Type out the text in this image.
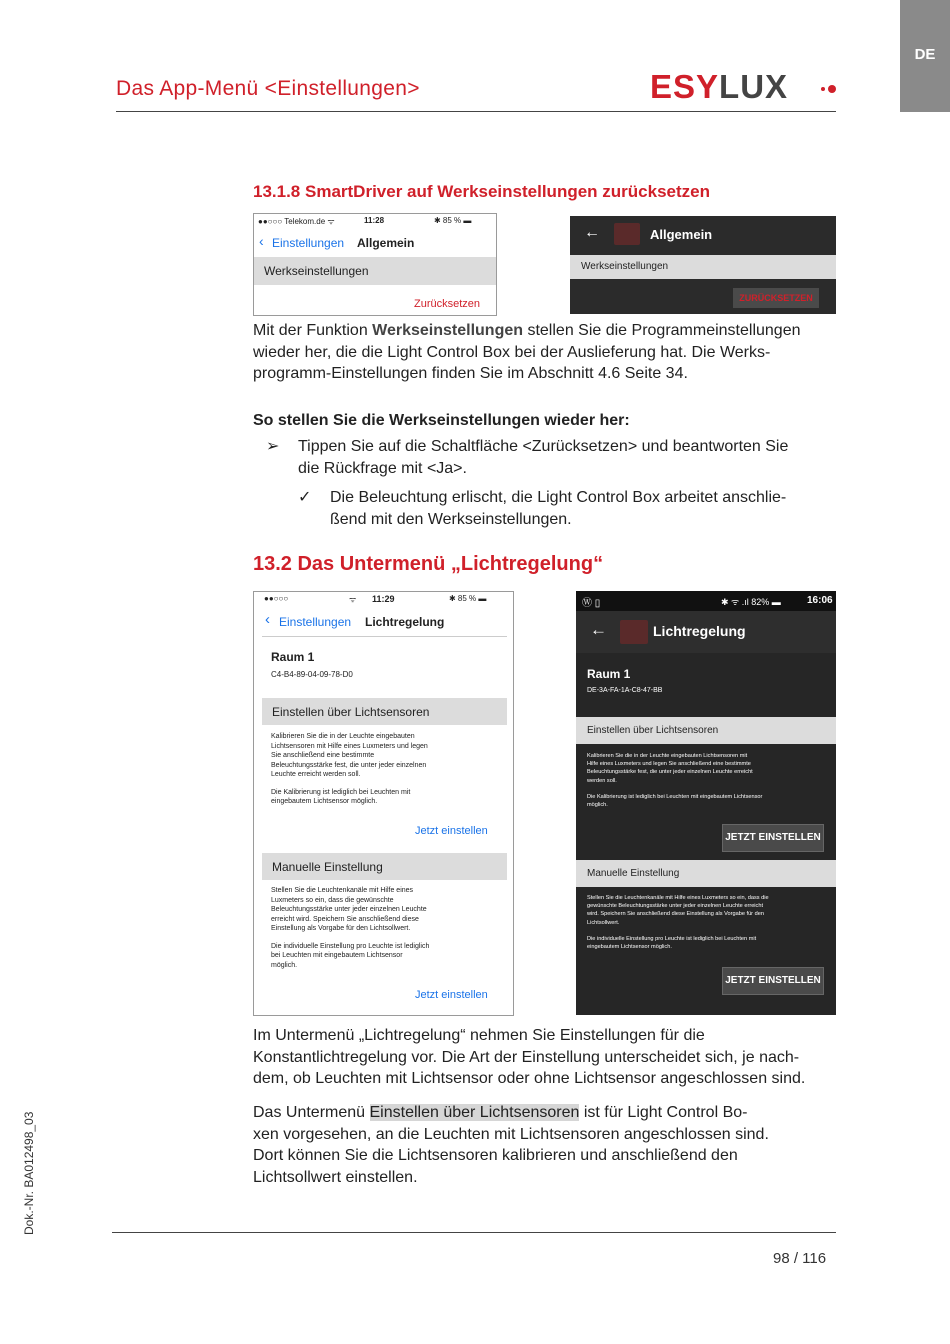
DE
Das App-Menü <Einstellungen>	ESYLUX
13.1.8 SmartDriver auf Werkseinstellungen zurücksetzen
●●○○○ Telekom.de ᯤ	11:28	✱ 85 % ▬
‹ Einstellungen Allgemein
Werkseinstellungen
Zurücksetzen
←	Allgemein
Werkseinstellungen
ZURÜCKSETZEN
Mit der Funktion Werkseinstellungen stellen Sie die Programmeinstellungen
wieder her, die die Light Control Box bei der Auslieferung hat. Die Werks-
programm-Einstellungen finden Sie im Abschnitt 4.6 Seite 34.
So stellen Sie die Werkseinstellungen wieder her:
➢ Tippen Sie auf die Schaltfläche <Zurücksetzen> und beantworten Sie
die Rückfrage mit <Ja>.
✓ Die Beleuchtung erlischt, die Light Control Box arbeitet anschlie-
ßend mit den Werkseinstellungen.
13.2 Das Untermenü „Lichtregelung“
●●○○○	ᯤ 11:29	✱ 85 % ▬
‹ Einstellungen Lichtregelung
Raum 1
C4-B4-89-04-09-78-D0
Einstellen über Lichtsensoren
Kalibrieren Sie die in der Leuchte eingebauten
Lichtsensoren mit Hilfe eines Luxmeters und legen
Sie anschließend eine bestimmte
Beleuchtungsstärke fest, die unter jeder einzelnen
Leuchte erreicht werden soll.
Die Kalibrierung ist lediglich bei Leuchten mit
eingebautem Lichtsensor möglich.
Jetzt einstellen
Manuelle Einstellung
Stellen Sie die Leuchtenkanäle mit Hilfe eines
Luxmeters so ein, dass die gewünschte
Beleuchtungsstärke unter jeder einzelnen Leuchte
erreicht wird. Speichern Sie anschließend diese
Einstellung als Vorgabe für den Lichtsollwert.
Die individuelle Einstellung pro Leuchte ist lediglich
bei Leuchten mit eingebautem Lichtsensor
möglich.
Jetzt einstellen
Ⓦ ▯	✱ ᯤ .ıl 82% ▬	16:06
←	Lichtregelung
Raum 1
DE-3A-FA-1A-C8-47-BB
Einstellen über Lichtsensoren
Kalibrieren Sie die in der Leuchte eingebauten Lichtsensoren mit
Hilfe eines Luxmeters und legen Sie anschließend eine bestimmte
Beleuchtungsstärke fest, die unter jeder einzelnen Leuchte erreicht
werden soll.
Die Kalibrierung ist lediglich bei Leuchten mit eingebautem Lichtsensor
möglich.
JETZT EINSTELLEN
Manuelle Einstellung
Stellen Sie die Leuchtenkanäle mit Hilfe eines Luxmeters so ein, dass die
gewünschte Beleuchtungsstärke unter jeder einzelnen Leuchte erreicht
wird. Speichern Sie anschließend diese Einstellung als Vorgabe für den
Lichtsollwert.
Die individuelle Einstellung pro Leuchte ist lediglich bei Leuchten mit
eingebautem Lichtsensor möglich.
JETZT EINSTELLEN
Im Untermenü „Lichtregelung“ nehmen Sie Einstellungen für die
Konstantlichtregelung vor. Die Art der Einstellung unterscheidet sich, je nach-
dem, ob Leuchten mit Lichtsensor oder ohne Lichtsensor angeschlossen sind.
Das Untermenü Einstellen über Lichtsensoren ist für Light Control Bo-
xen vorgesehen, an die Leuchten mit Lichtsensoren angeschlossen sind.
Dort können Sie die Lichtsensoren kalibrieren und anschließend den
Lichtsollwert einstellen.
Dok.-Nr. BA012498_03
98 / 116
